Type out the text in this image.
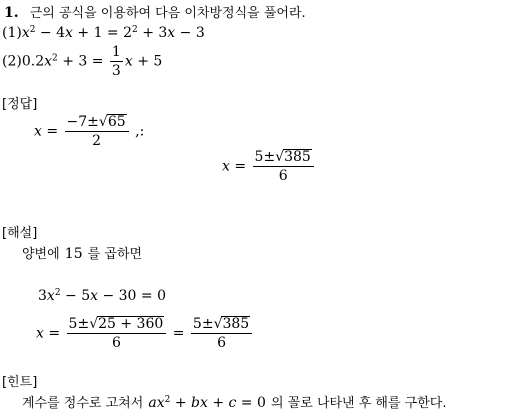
1. 근의 공식을 이용하여 다음 이차방정식을 풀어라.
$(1)x^2 - 4x + 1 = 2^2 + 3x - 3$
$(2)0.2x^2 + 3 = \frac{1}{3}$ x + 5
[정답]
$x = \frac{-7\pm√65}{2}$ ,:
$x = \frac{5\pm√385}{6}$
[해설]
양변에 15 를 곱하면
$3x^2 - 5x - 30 = 0$
$x = \frac{5\pm√25 + 360}{6} = \frac{5\pm√385}{6}$
[힌트]
계수를 정수로 고쳐서 $ax^2$ + bx + c = 0 의 꼴로 나타낸 후 해를 구한다.
